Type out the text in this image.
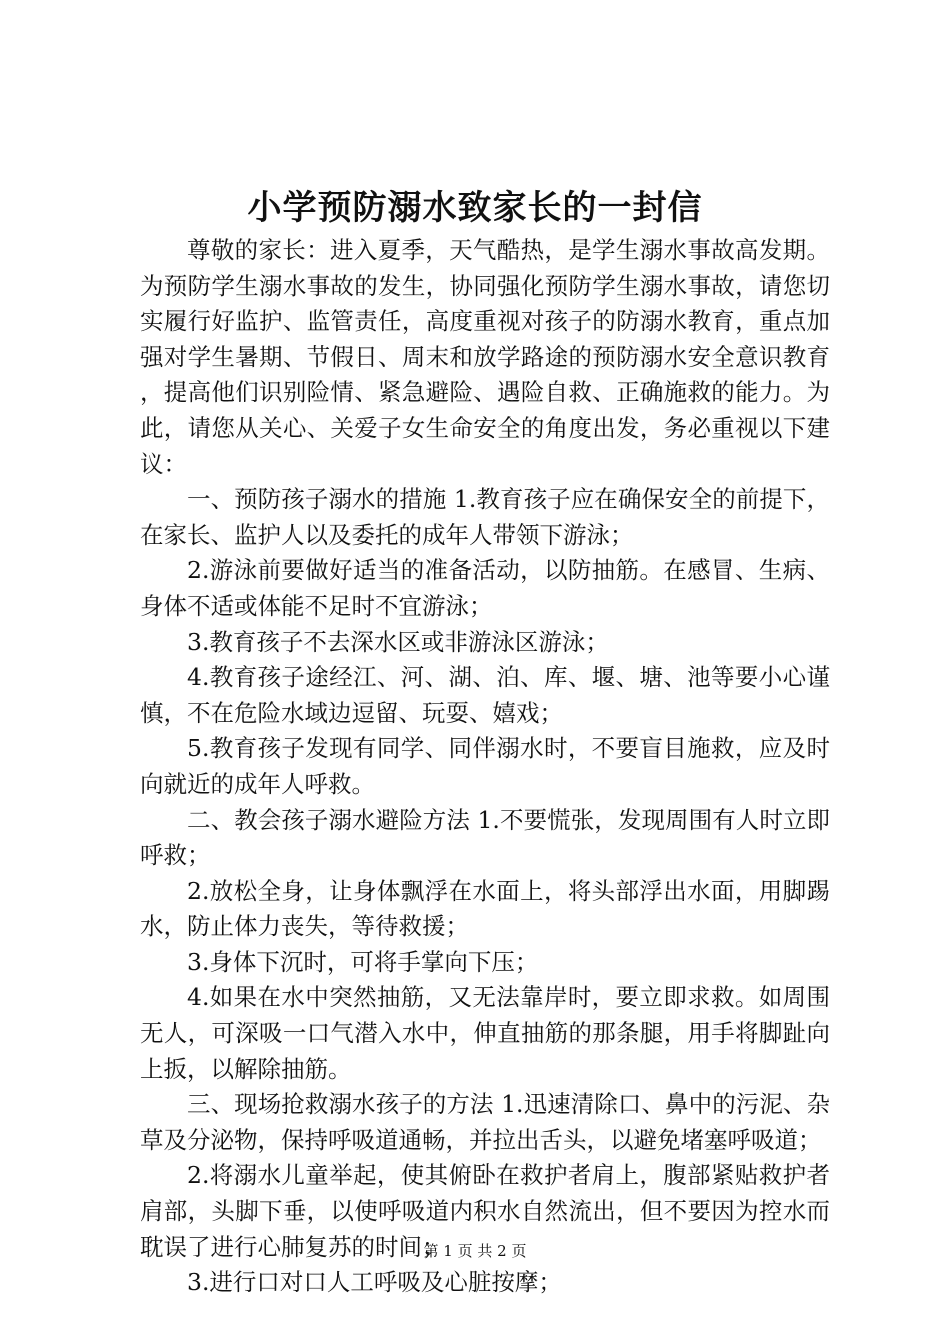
小学预防溺水致家长的一封信

尊敬的家长：进入夏季，天气酷热，是学生溺水事故高发期。为预防学生溺水事故的发生，协同强化预防学生溺水事故，请您切实履行好监护、监管责任，高度重视对孩子的防溺水教育，重点加强对学生暑期、节假日、周末和放学路途的预防溺水安全意识教育，提高他们识别险情、紧急避险、遇险自救、正确施救的能力。为此，请您从关心、关爱子女生命安全的角度出发，务必重视以下建议：

一、预防孩子溺水的措施 1.教育孩子应在确保安全的前提下，在家长、监护人以及委托的成年人带领下游泳；

2.游泳前要做好适当的准备活动，以防抽筋。在感冒、生病、身体不适或体能不足时不宜游泳；

3.教育孩子不去深水区或非游泳区游泳；

4.教育孩子途经江、河、湖、泊、库、堰、塘、池等要小心谨慎，不在危险水域边逗留、玩耍、嬉戏；

5.教育孩子发现有同学、同伴溺水时，不要盲目施救，应及时向就近的成年人呼救。

二、教会孩子溺水避险方法 1.不要慌张，发现周围有人时立即呼救；

2.放松全身，让身体飘浮在水面上，将头部浮出水面，用脚踢水，防止体力丧失，等待救援；

3.身体下沉时，可将手掌向下压；

4.如果在水中突然抽筋，又无法靠岸时，要立即求救。如周围无人，可深吸一口气潜入水中，伸直抽筋的那条腿，用手将脚趾向上扳，以解除抽筋。

三、现场抢救溺水孩子的方法 1.迅速清除口、鼻中的污泥、杂草及分泌物，保持呼吸道通畅，并拉出舌头，以避免堵塞呼吸道；

2.将溺水儿童举起，使其俯卧在救护者肩上，腹部紧贴救护者肩部，头脚下垂，以使呼吸道内积水自然流出，但不要因为控水而耽误了进行心肺复苏的时间；

3.进行口对口人工呼吸及心脏按摩；

第 1 页 共 2 页
